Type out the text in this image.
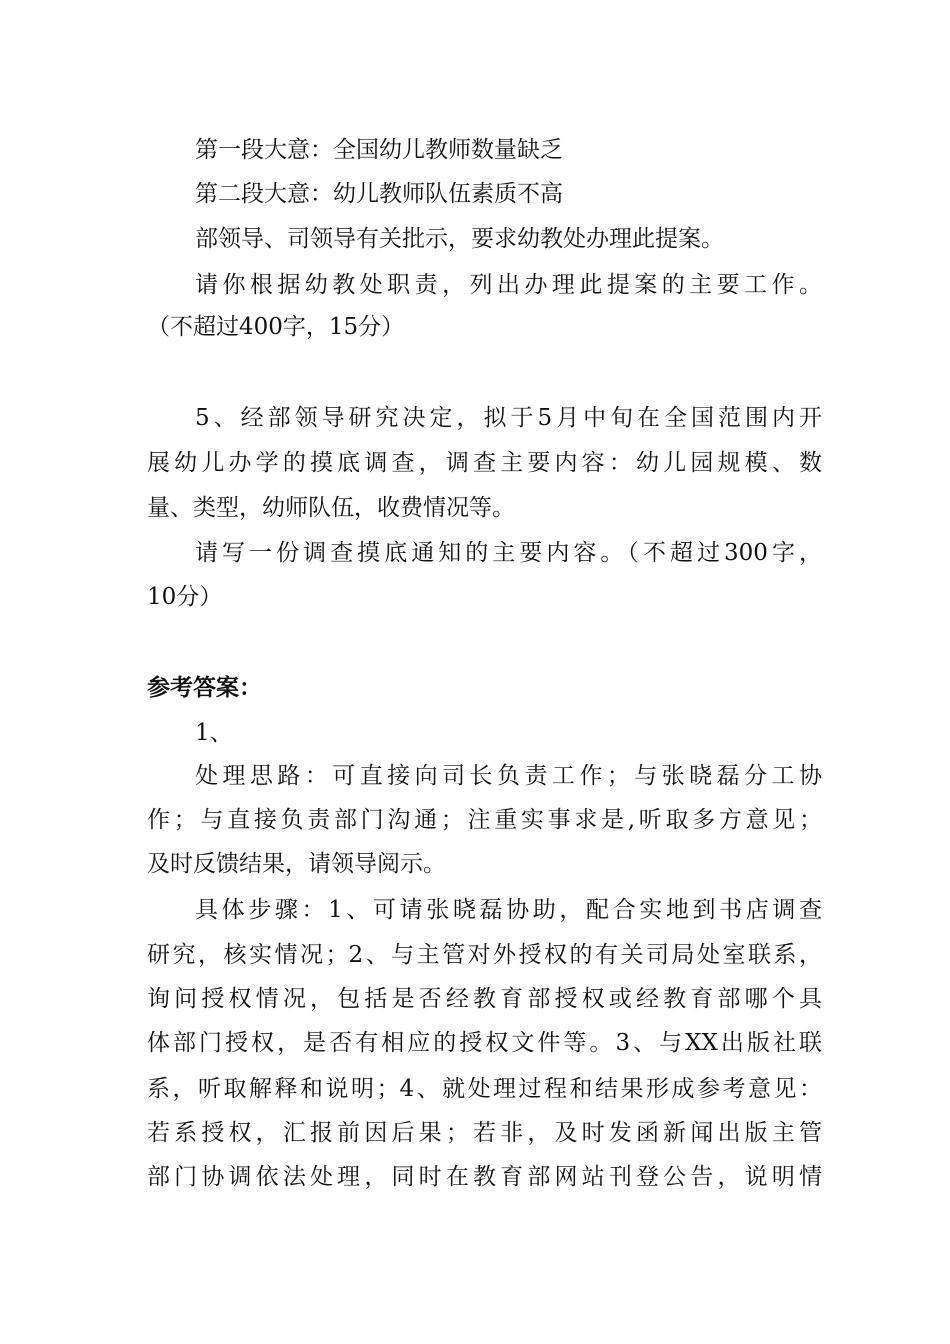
第一段大意：全国幼儿教师数量缺乏
第二段大意：幼儿教师队伍素质不高
部领导、司领导有关批示，要求幼教处办理此提案。
请你根据幼教处职责，列出办理此提案的主要工作。
（不超过400字，15分）
5、经部领导研究决定，拟于5月中旬在全国范围内开
展幼儿办学的摸底调查，调查主要内容：幼儿园规模、数
量、类型，幼师队伍，收费情况等。
请写一份调查摸底通知的主要内容。（不超过300字，
10分）
参考答案：
1、
处理思路：可直接向司长负责工作；与张晓磊分工协
作；与直接负责部门沟通；注重实事求是,听取多方意见；
及时反馈结果，请领导阅示。
具体步骤：1、可请张晓磊协助，配合实地到书店调查
研究，核实情况；2、与主管对外授权的有关司局处室联系，
询问授权情况，包括是否经教育部授权或经教育部哪个具
体部门授权，是否有相应的授权文件等。3、与XX出版社联
系，听取解释和说明；4、就处理过程和结果形成参考意见：
若系授权，汇报前因后果；若非，及时发函新闻出版主管
部门协调依法处理，同时在教育部网站刊登公告，说明情
